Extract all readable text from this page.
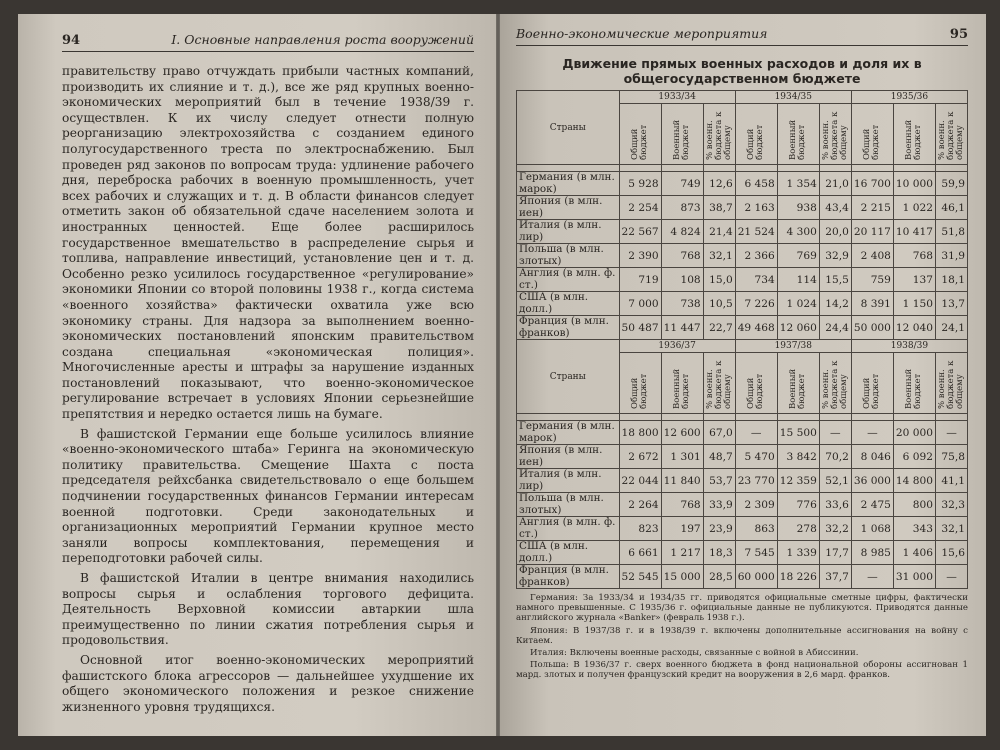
94	I. Основные направления роста вооружений

правительству право отчуждать прибыли частных компаний, производить их слияние и т. д.), все же ряд крупных военно-экономических мероприятий был в течение 1938/39 г. осуществлен. К их числу следует отнести полную реорганизацию электрохозяйства с созданием единого полугосударственного треста по электроснабжению. Был проведен ряд законов по вопросам труда: удлинение рабочего дня, переброска рабочих в военную промышленность, учет всех рабочих и служащих и т. д. В области финансов следует отметить закон об обязательной сдаче населением золота и иностранных ценностей. Еще более расширилось государственное вмешательство в распределение сырья и топлива, направление инвестиций, установление цен и т. д. Особенно резко усилилось государственное «регулирование» экономики Японии со второй половины 1938 г., когда система «военного хозяйства» фактически охватила уже всю экономику страны. Для надзора за выполнением военно-экономических постановлений японским правительством создана специальная «экономическая полиция». Многочисленные аресты и штрафы за нарушение изданных постановлений показывают, что военно-экономическое регулирование встречает в условиях Японии серьезнейшие препятствия и нередко остается лишь на бумаге.

В фашистской Германии еще больше усилилось влияние «военно-экономического штаба» Геринга на экономическую политику правительства. Смещение Шахта с поста председателя рейхсбанка свидетельствовало о еще большем подчинении государственных финансов Германии интересам военной подготовки. Среди законодательных и организационных мероприятий Германии крупное место заняли вопросы комплектования, перемещения и переподготовки рабочей силы.

В фашистской Италии в центре внимания находились вопросы сырья и ослабления торгового дефицита. Деятельность Верховной комиссии автаркии шла преимущественно по линии сжатия потребления сырья и продовольствия.

Основной итог военно-экономических мероприятий фашистского блока агрессоров — дальнейшее ухудшение их общего экономического положения и резкое снижение жизненного уровня трудящихся.

Военно-экономические мероприятия	95
Движение прямых военных расходов и доля их в общегосударственном бюджете
Страны	1933/34			1934/35			1935/36		
	Общий бюджет	Военный бюджет	% военн. бюджета к общему	Общий бюджет	Военный бюджет	% военн. бюджета к общему	Общий бюджет	Военный бюджет	% военн. бюджета к общему

Германия (в млн. марок)	5 928	749	12,6	6 458	1 354	21,0	16 700	10 000	59,9
Япония (в млн. иен)	2 254	873	38,7	2 163	938	43,4	2 215	1 022	46,1
Италия (в млн. лир)	22 567	4 824	21,4	21 524	4 300	20,0	20 117	10 417	51,8
Польша (в млн. злотых)	2 390	768	32,1	2 366	769	32,9	2 408	768	31,9
Англия (в млн. ф. ст.)	719	108	15,0	734	114	15,5	759	137	18,1
США (в млн. долл.)	7 000	738	10,5	7 226	1 024	14,2	8 391	1 150	13,7
Франция (в млн. франков)	50 487	11 447	22,7	49 468	12 060	24,4	50 000	12 040	24,1
Страны	1936/37			1937/38			1938/39		
	Общий бюджет	Военный бюджет	% военн. бюджета к общему	Общий бюджет	Военный бюджет	% военн. бюджета к общему	Общий бюджет	Военный бюджет	% военн. бюджета к общему

Германия (в млн. марок)	18 800	12 600	67,0	—	15 500	—	—	20 000	—
Япония (в млн. иен)	2 672	1 301	48,7	5 470	3 842	70,2	8 046	6 092	75,8
Италия (в млн. лир)	22 044	11 840	53,7	23 770	12 359	52,1	36 000	14 800	41,1
Польша (в млн. злотых)	2 264	768	33,9	2 309	776	33,6	2 475	800	32,3
Англия (в млн. ф. ст.)	823	197	23,9	863	278	32,2	1 068	343	32,1
США (в млн. долл.)	6 661	1 217	18,3	7 545	1 339	17,7	8 985	1 406	15,6
Франция (в млн. франков)	52 545	15 000	28,5	60 000	18 226	37,7	—	31 000	—

Германия: За 1933/34 и 1934/35 гг. приводятся официальные сметные цифры, фактически намного превышенные. С 1935/36 г. официальные данные не публикуются. Приводятся данные английского журнала «Banker» (февраль 1938 г.).

Япония: В 1937/38 г. и в 1938/39 г. включены дополнительные ассигнования на войну с Китаем.

Италия: Включены военные расходы, связанные с войной в Абиссинии.

Польша: В 1936/37 г. сверх военного бюджета в фонд национальной обороны ассигнован 1 мард. злотых и получен французский кредит на вооружения в 2,6 мард. франков.
